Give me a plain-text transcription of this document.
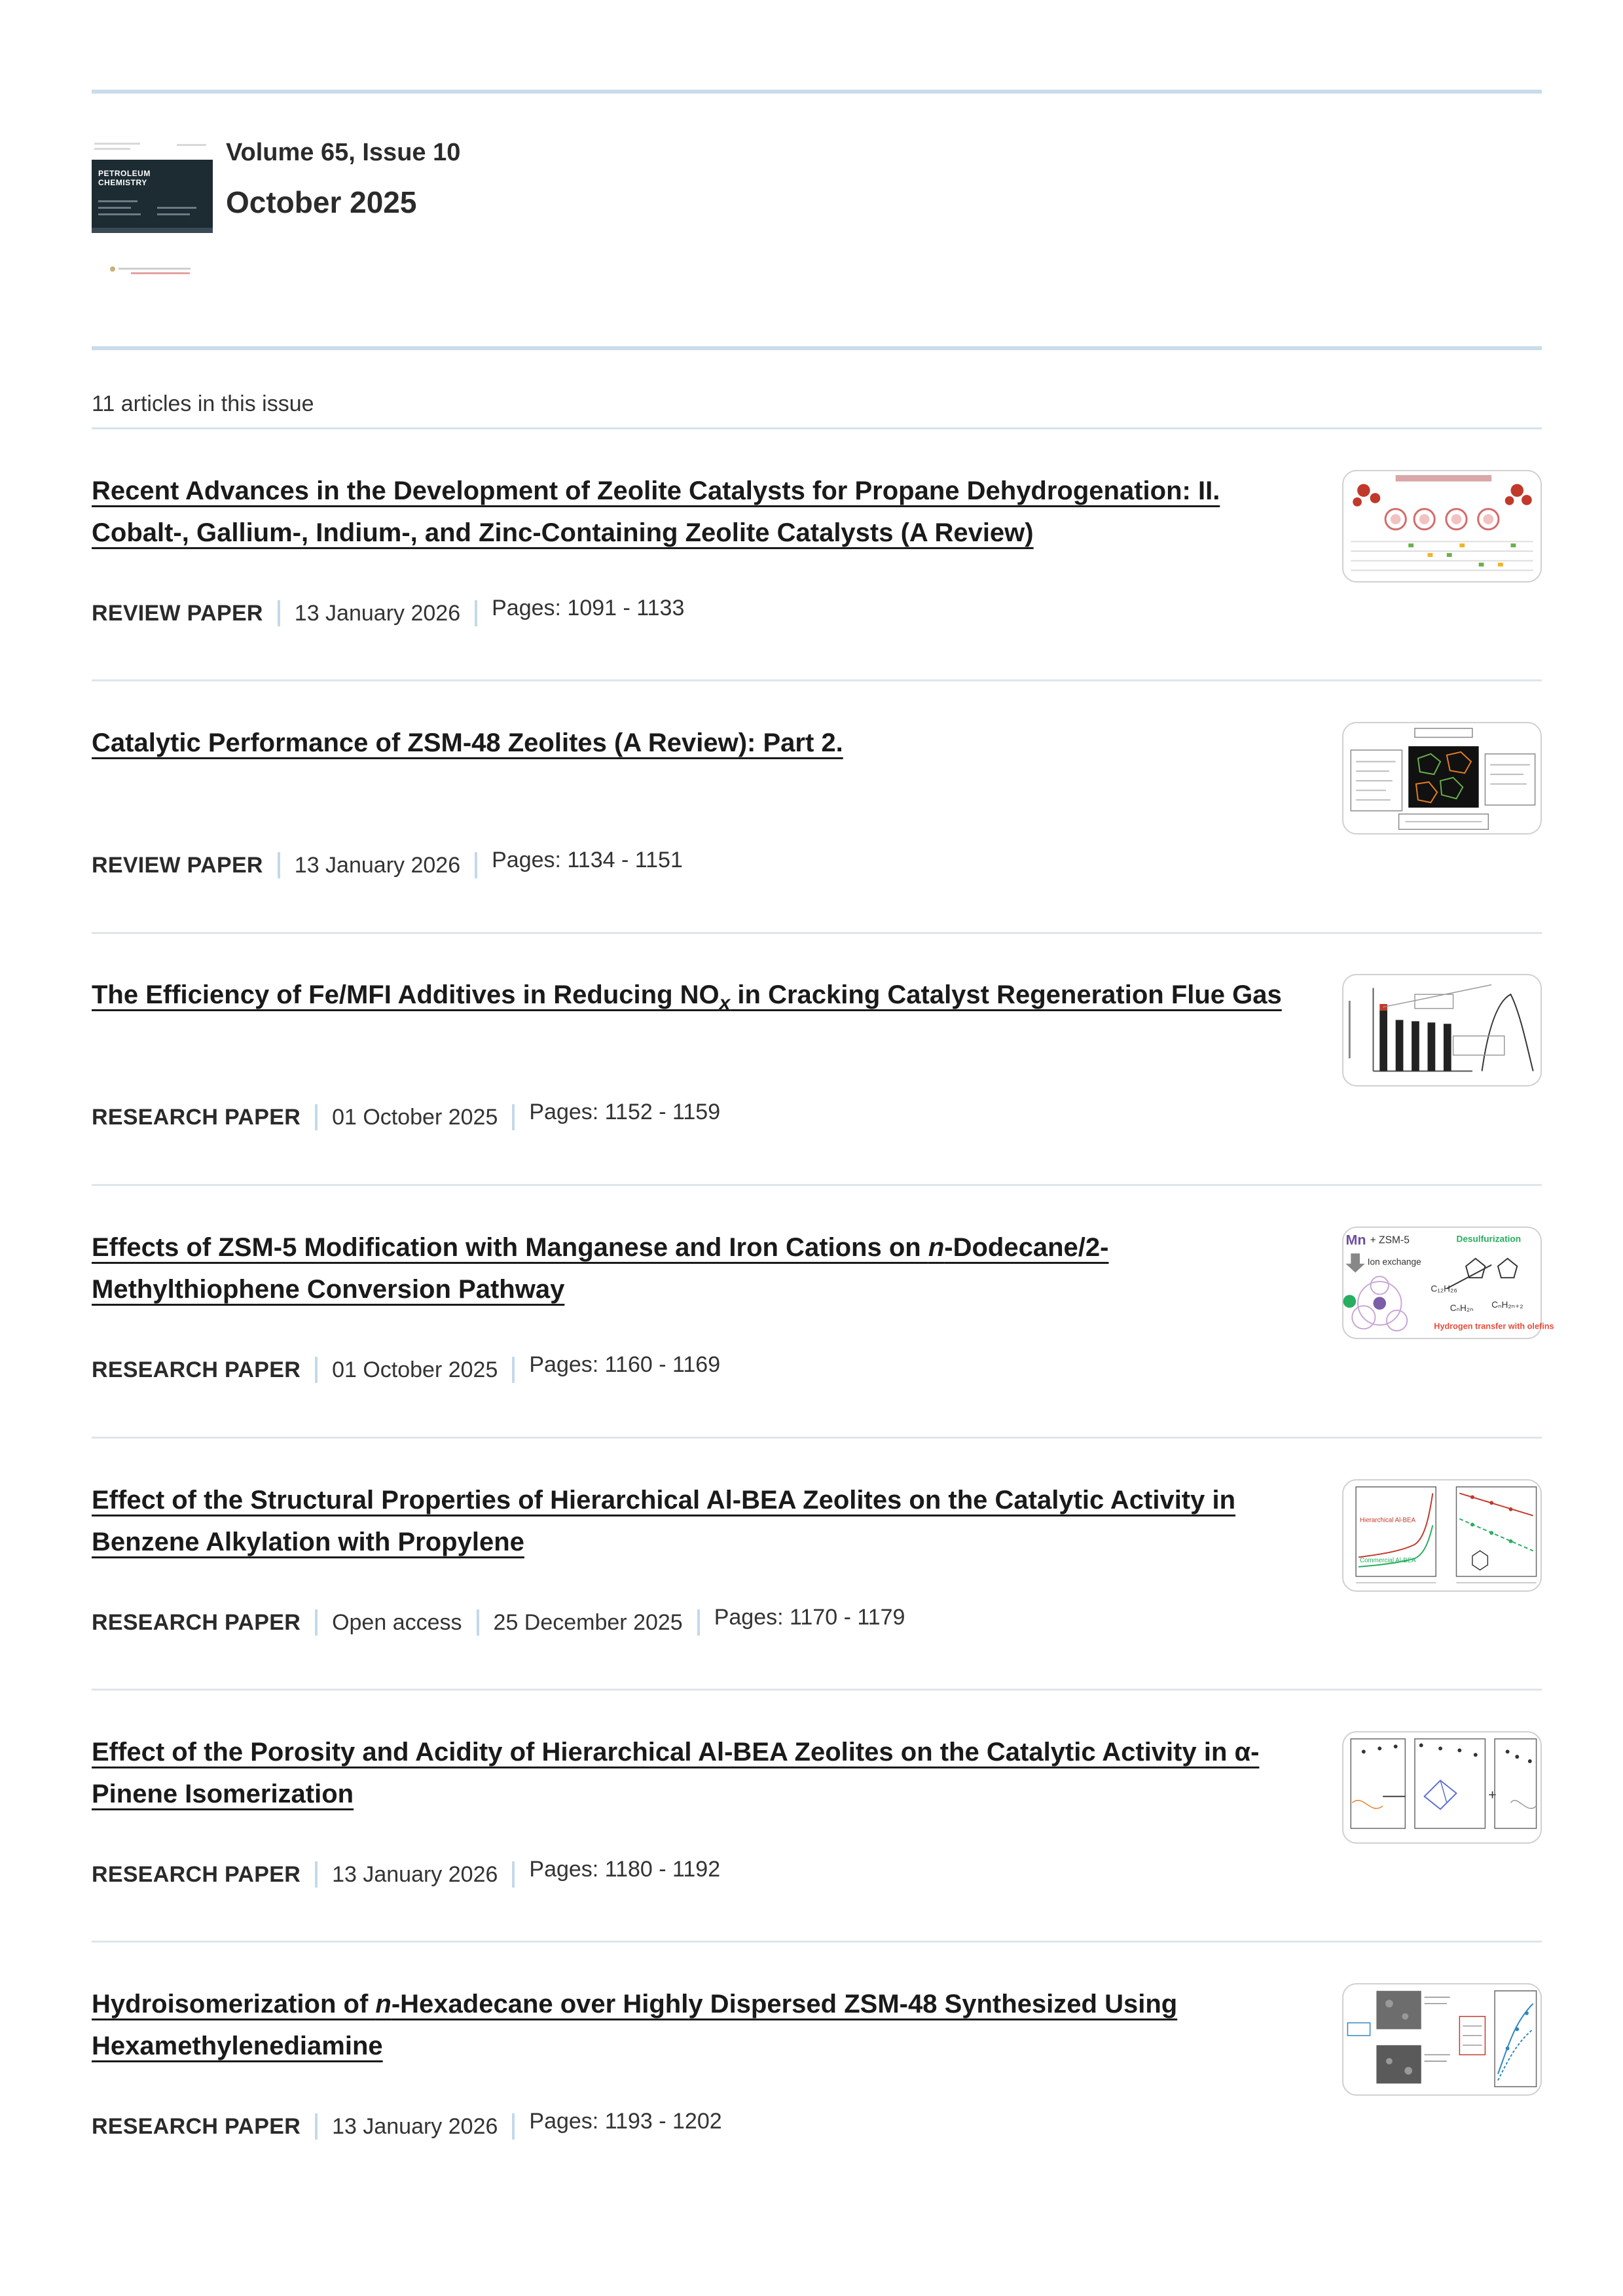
PETROLEUM
CHEMISTRY
Volume 65, Issue 10
October 2025
11 articles in this issue
Recent Advances in the Development of Zeolite Catalysts for Propane Dehydrogenation: II. Cobalt-, Gallium-, Indium-, and Zinc-Containing Zeolite Catalysts (A Review)
REVIEW PAPER 13 January 2026 Pages: 1091 - 1133
Catalytic Performance of ZSM-48 Zeolites (A Review): Part 2.
REVIEW PAPER 13 January 2026 Pages: 1134 - 1151
The Efficiency of Fe/MFI Additives in Reducing $NO_x$ in Cracking Catalyst Regeneration Flue Gas
RESEARCH PAPER 01 October 2025 Pages: 1152 - 1159
Effects of ZSM-5 Modification with Manganese and Iron Cations on n-Dodecane/2-Methylthiophene Conversion Pathway
RESEARCH PAPER 01 October 2025 Pages: 1160 - 1169
Mn + ZSM-5
Ion exchange
Desulfurization
C₁₂H₂₆
CₙH₂ₙ CₙH₂ₙ₊₂
Hydrogen transfer with olefins
Effect of the Structural Properties of Hierarchical Al-BEA Zeolites on the Catalytic Activity in Benzene Alkylation with Propylene
RESEARCH PAPER Open access 25 December 2025 Pages: 1170 - 1179
Hierarchical Al-BEA
Commercial Al-BEA
Effect of the Porosity and Acidity of Hierarchical Al-BEA Zeolites on the Catalytic Activity in α-Pinene Isomerization
RESEARCH PAPER 13 January 2026 Pages: 1180 - 1192
+
Hydroisomerization of n-Hexadecane over Highly Dispersed ZSM-48 Synthesized Using Hexamethylenediamine
RESEARCH PAPER 13 January 2026 Pages: 1193 - 1202
